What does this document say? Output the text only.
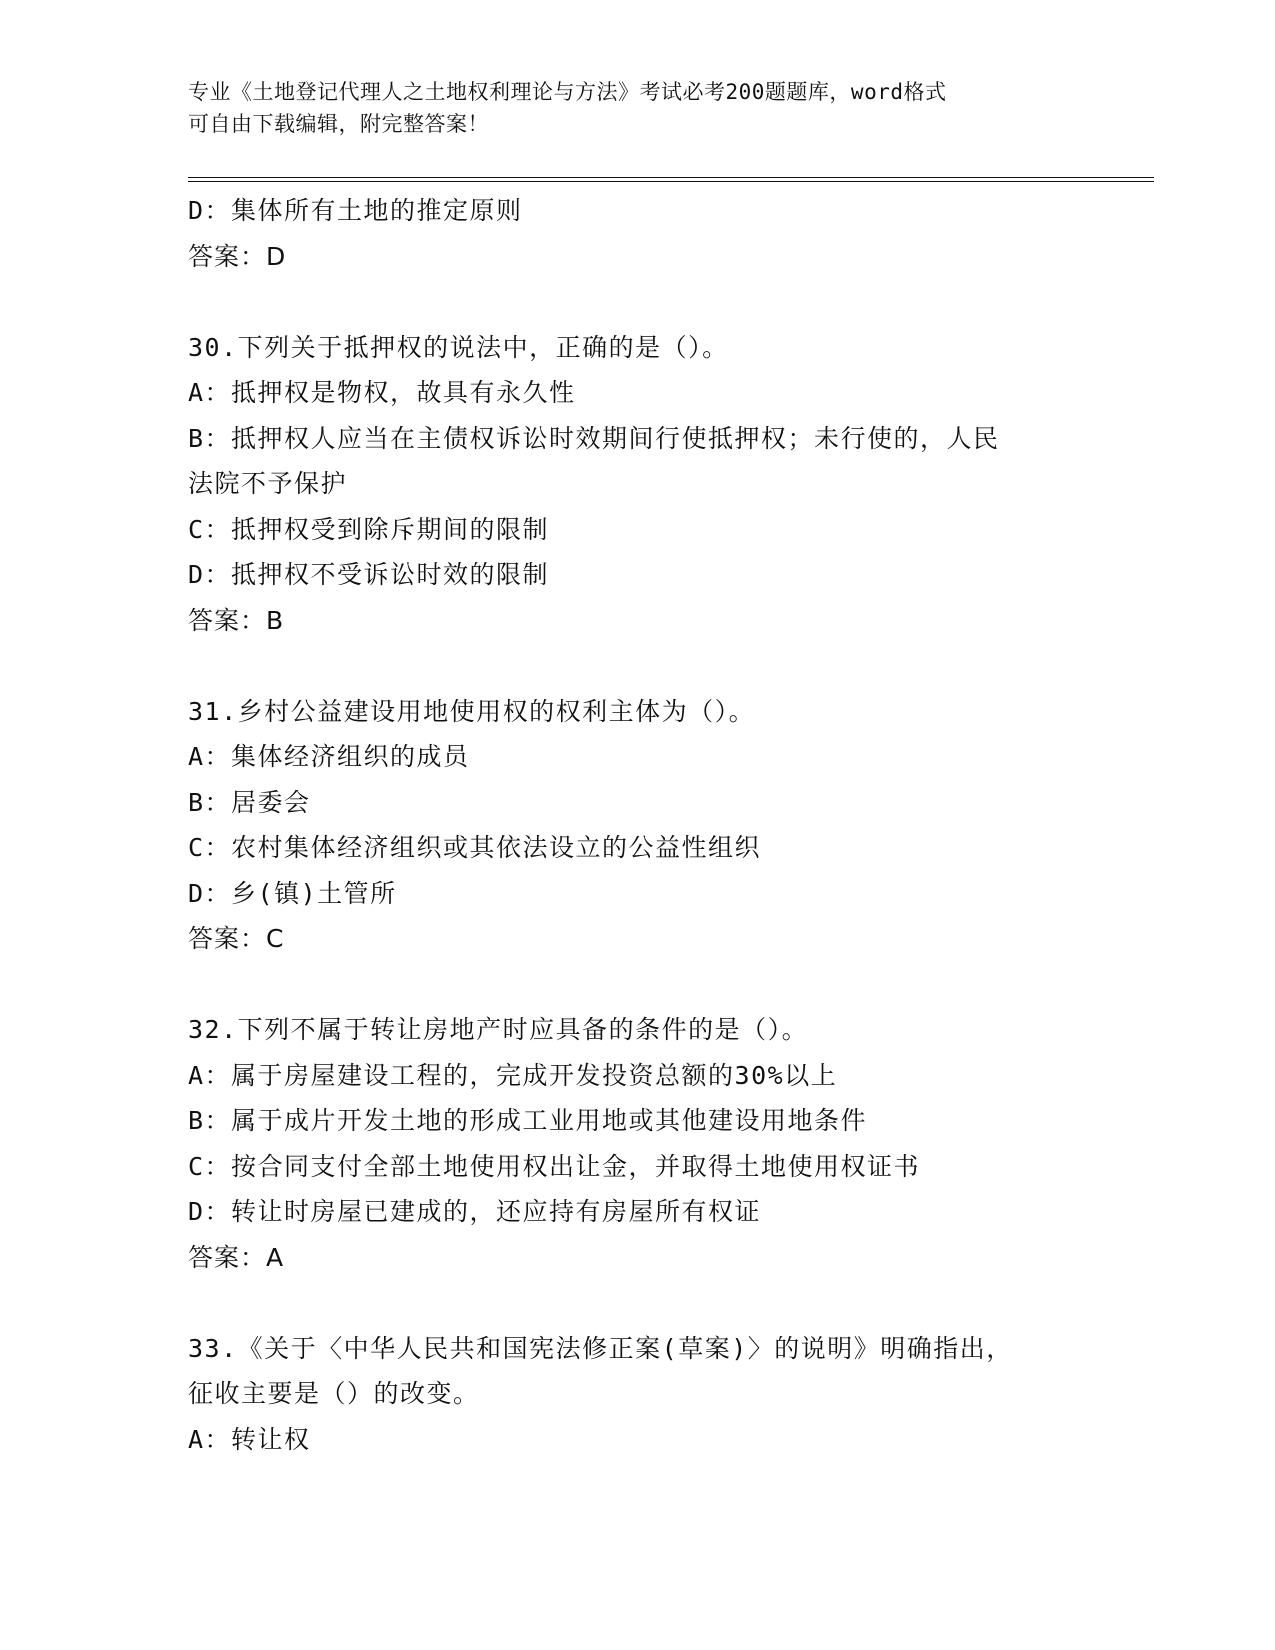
专业《土地登记代理人之土地权利理论与方法》考试必考200题题库，word格式
可自由下载编辑，附完整答案！
D：集体所有土地的推定原则
答案：D
30.下列关于抵押权的说法中，正确的是（）。
A：抵押权是物权，故具有永久性
B：抵押权人应当在主债权诉讼时效期间行使抵押权；未行使的，人民
法院不予保护
C：抵押权受到除斥期间的限制
D：抵押权不受诉讼时效的限制
答案：B
31.乡村公益建设用地使用权的权利主体为（）。
A：集体经济组织的成员
B：居委会
C：农村集体经济组织或其依法设立的公益性组织
D：乡(镇)土管所
答案：C
32.下列不属于转让房地产时应具备的条件的是（）。
A：属于房屋建设工程的，完成开发投资总额的30%以上
B：属于成片开发土地的形成工业用地或其他建设用地条件
C：按合同支付全部土地使用权出让金，并取得土地使用权证书
D：转让时房屋已建成的，还应持有房屋所有权证
答案：A
33.《关于〈中华人民共和国宪法修正案(草案)〉的说明》明确指出，
征收主要是（）的改变。
A：转让权
